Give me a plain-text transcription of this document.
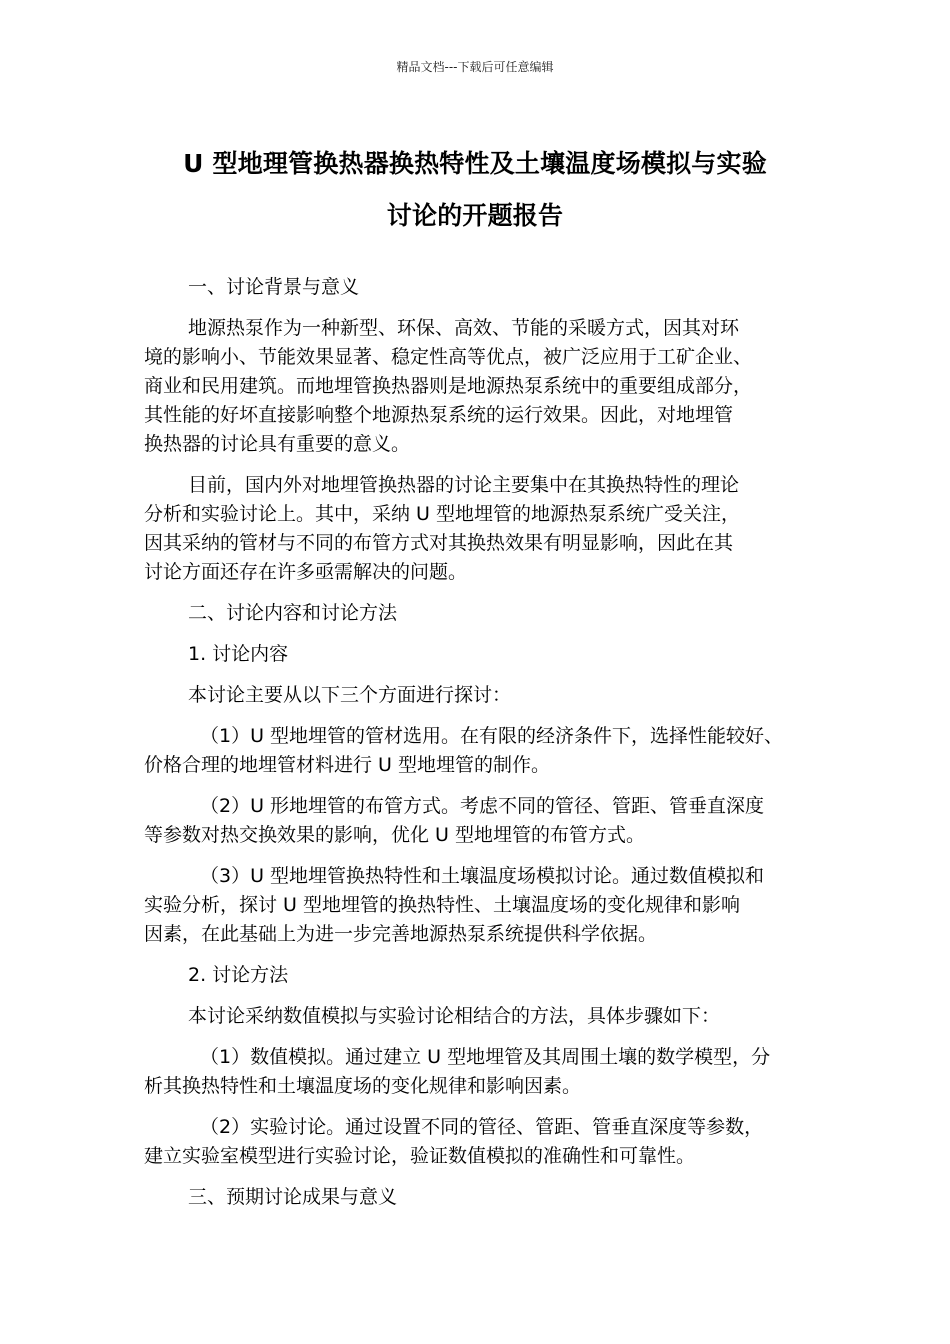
精品文档---下载后可任意编辑
U 型地理管换热器换热特性及土壤温度场模拟与实验
讨论的开题报告

一、讨论背景与意义

地源热泵作为一种新型、环保、高效、节能的采暖方式，因其对环
境的影响小、节能效果显著、稳定性高等优点，被广泛应用于工矿企业、
商业和民用建筑。而地埋管换热器则是地源热泵系统中的重要组成部分，
其性能的好坏直接影响整个地源热泵系统的运行效果。因此，对地埋管
换热器的讨论具有重要的意义。
目前，国内外对地埋管换热器的讨论主要集中在其换热特性的理论
分析和实验讨论上。其中，采纳 U 型地埋管的地源热泵系统广受关注，
因其采纳的管材与不同的布管方式对其换热效果有明显影响，因此在其
讨论方面还存在许多亟需解决的问题。

二、讨论内容和讨论方法

1. 讨论内容

本讨论主要从以下三个方面进行探讨：

（1）U 型地埋管的管材选用。在有限的经济条件下，选择性能较好、
价格合理的地埋管材料进行 U 型地埋管的制作。
（2）U 形地埋管的布管方式。考虑不同的管径、管距、管垂直深度
等参数对热交换效果的影响，优化 U 型地埋管的布管方式。
（3）U 型地埋管换热特性和土壤温度场模拟讨论。通过数值模拟和
实验分析，探讨 U 型地埋管的换热特性、土壤温度场的变化规律和影响
因素，在此基础上为进一步完善地源热泵系统提供科学依据。

2. 讨论方法

本讨论采纳数值模拟与实验讨论相结合的方法，具体步骤如下：

（1）数值模拟。通过建立 U 型地埋管及其周围土壤的数学模型，分
析其换热特性和土壤温度场的变化规律和影响因素。
（2）实验讨论。通过设置不同的管径、管距、管垂直深度等参数，
建立实验室模型进行实验讨论，验证数值模拟的准确性和可靠性。

三、预期讨论成果与意义
